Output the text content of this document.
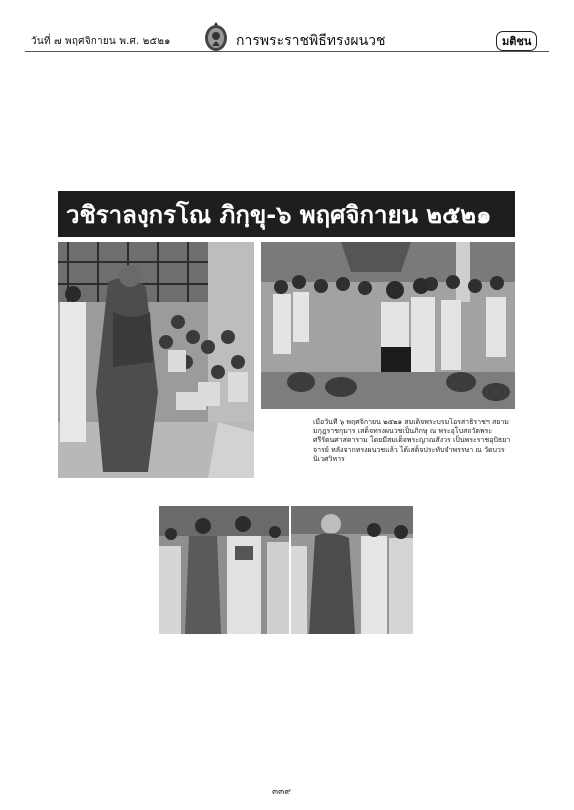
วันที่ ๗ พฤศจิกายน พ.ศ. ๒๕๒๑	การพระราชพิธีทรงผนวช	มติชน
วชิราลงฺกรโณ ภิกฺขุ-๖ พฤศจิกายน ๒๕๒๑
เมื่อวันที่ ๖ พฤศจิกายน ๒๕๒๑ สมเด็จพระบรมโอรสาธิราชฯ สยามมกุฎราชกุมาร เสด็จทรงผนวชเป็นภิกษุ ณ พระอุโบสถวัดพระศรีรัตนศาสดาราม โดยมีสมเด็จพระญาณสังวร เป็นพระราชอุปัธยาจารย์ หลังจากทรงผนวชแล้ว ได้เสด็จประทับจำพรรษา ณ วัดบวรนิเวศวิหาร
๓๓๙
